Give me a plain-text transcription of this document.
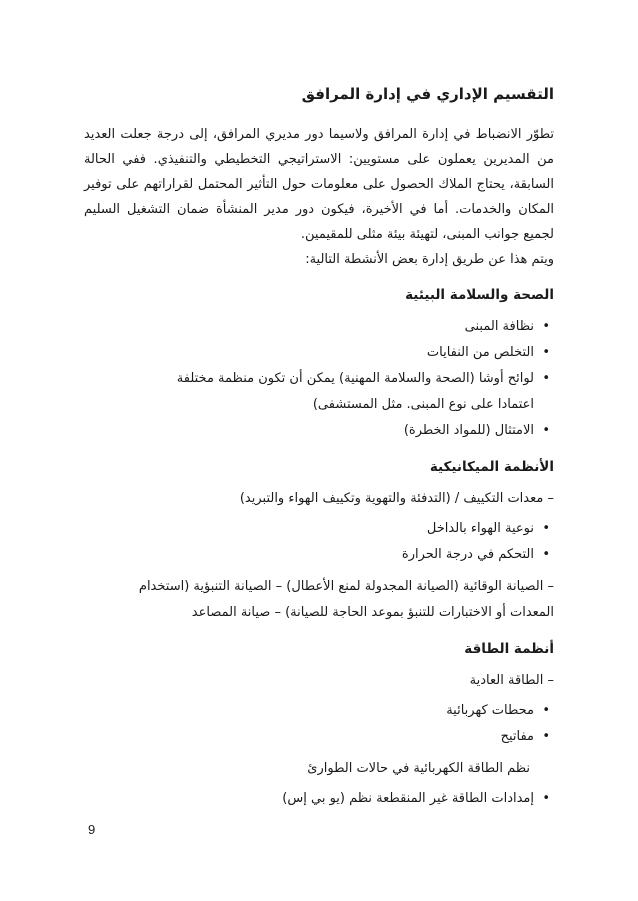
التقسيم الإداري في إدارة المرافق

تطوّر الانضباط في إدارة المرافق ولاسيما دور مديري المرافق، إلى درجة جعلت العديد من المديرين يعملون على مستويين: الاستراتيجي التخطيطي والتنفيذي. ففي الحالة السابقة، يحتاج الملاك الحصول على معلومات حول التأثير المحتمل لقراراتهم على توفير المكان والخدمات. أما في الأخيرة، فيكون دور مدير المنشأة ضمان التشغيل السليم لجميع جوانب المبنى، لتهيئة بيئة مثلى للمقيمين.

ويتم هذا عن طريق إدارة بعض الأنشطة التالية:

الصحة والسلامة البيئية
• نظافة المبنى
• التخلص من النفايات
• لوائح أوشا (الصحة والسلامة المهنية) يمكن أن تكون منظمة مختلفة
اعتمادا على نوع المبنى. مثل المستشفى)
• الامتثال (للمواد الخطرة)
الأنظمة الميكانيكية
– معدات التكييف / (التدفئة والتهوية وتكييف الهواء والتبريد)
• نوعية الهواء بالداخل
• التحكم في درجة الحرارة
– الصيانة الوقائية (الصيانة المجدولة لمنع الأعطال) – الصيانة التنبؤية (استخدام
المعدات أو الاختبارات للتنبؤ بموعد الحاجة للصيانة) – صيانة المصاعد
أنظمة الطاقة
– الطاقة العادية
• محطات كهربائية
• مفاتيح
نظم الطاقة الكهربائية في حالات الطوارئ
• إمدادات الطاقة غير المنقطعة نظم (يو بي إس)
9
